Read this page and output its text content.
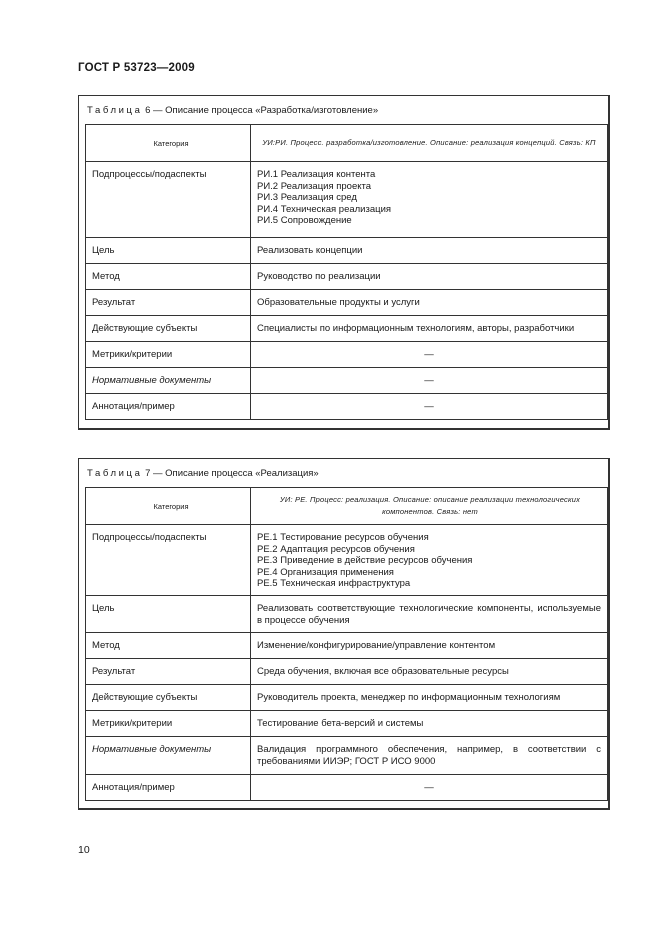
ГОСТ Р 53723—2009
Таблица 6 — Описание процесса «Разработка/изготовление»
Категория	УИ:РИ. Процесс. разработка/изготовление. Описание: реализация концепций. Связь: КП

Подпроцессы/подаспекты	РИ.1 Реализация контента
РИ.2 Реализация проекта
РИ.3 Реализация сред
РИ.4 Техническая реализация
РИ.5 Сопровождение

Цель	Реализовать концепции

Метод	Руководство по реализации

Результат	Образовательные продукты и услуги

Действующие субъекты	Специалисты по информационным технологиям, авторы, разработчики

Метрики/критерии	—

Нормативные документы	—

Аннотация/пример	—
Таблица 7 — Описание процесса «Реализация»
Категория	УИ: РЕ. Процесс: реализация. Описание: описание реализации технологических компонентов. Связь: нет

Подпроцессы/подаспекты	РЕ.1 Тестирование ресурсов обучения
РЕ.2 Адаптация ресурсов обучения
РЕ.3 Приведение в действие ресурсов обучения
РЕ.4 Организация применения
РЕ.5 Техническая инфраструктура

Цель	Реализовать соответствующие технологические компоненты, используемые в процессе обучения

Метод	Изменение/конфигурирование/управление контентом

Результат	Среда обучения, включая все образовательные ресурсы

Действующие субъекты	Руководитель проекта, менеджер по информационным технологиям

Метрики/критерии	Тестирование бета-версий и системы

Нормативные документы	Валидация программного обеспечения, например, в соответствии с требованиями ИИЭР; ГОСТ Р ИСО 9000

Аннотация/пример	—
10
